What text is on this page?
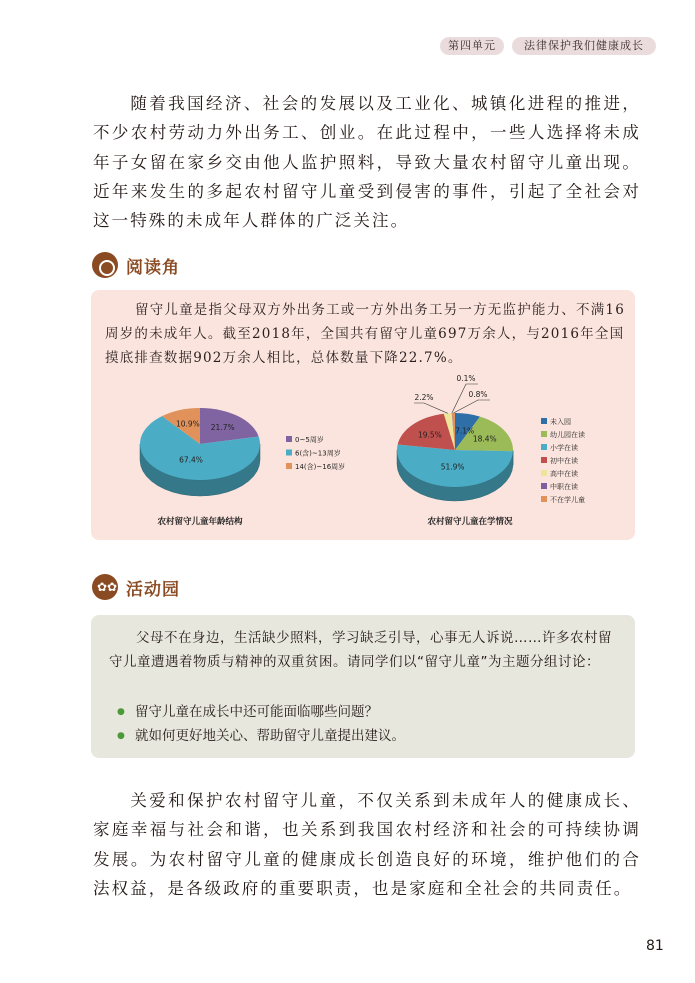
第四单元	法律保护我们健康成长

随着我国经济、社会的发展以及工业化、城镇化进程的推进，不少农村劳动力外出务工、创业。在此过程中，一些人选择将未成年子女留在家乡交由他人监护照料，导致大量农村留守儿童出现。近年来发生的多起农村留守儿童受到侵害的事件，引起了全社会对这一特殊的未成年人群体的广泛关注。

阅读角

留守儿童是指父母双方外出务工或一方外出务工另一方无监护能力、不满16周岁的未成年人。截至2018年，全国共有留守儿童697万余人，与2016年全国摸底排查数据902万余人相比，总体数量下降22.7%。

21.7%
67.4%
10.9%
0~5周岁
6(含)~13周岁
14(含)~16周岁
农村留守儿童年龄结构
7.1%
18.4%
51.9%
19.5%
2.2%
0.1%
0.8%
未入园
幼儿园在读
小学在读
初中在读
高中在读
中职在读
不在学儿童
农村留守儿童在学情况
✿✿ 活动园

父母不在身边，生活缺少照料，学习缺乏引导，心事无人诉说……许多农村留守儿童遭遇着物质与精神的双重贫困。请同学们以“留守儿童”为主题分组讨论：

● 留守儿童在成长中还可能面临哪些问题？
● 就如何更好地关心、帮助留守儿童提出建议。

关爱和保护农村留守儿童，不仅关系到未成年人的健康成长、家庭幸福与社会和谐，也关系到我国农村经济和社会的可持续协调发展。为农村留守儿童的健康成长创造良好的环境，维护他们的合法权益，是各级政府的重要职责，也是家庭和全社会的共同责任。

81
